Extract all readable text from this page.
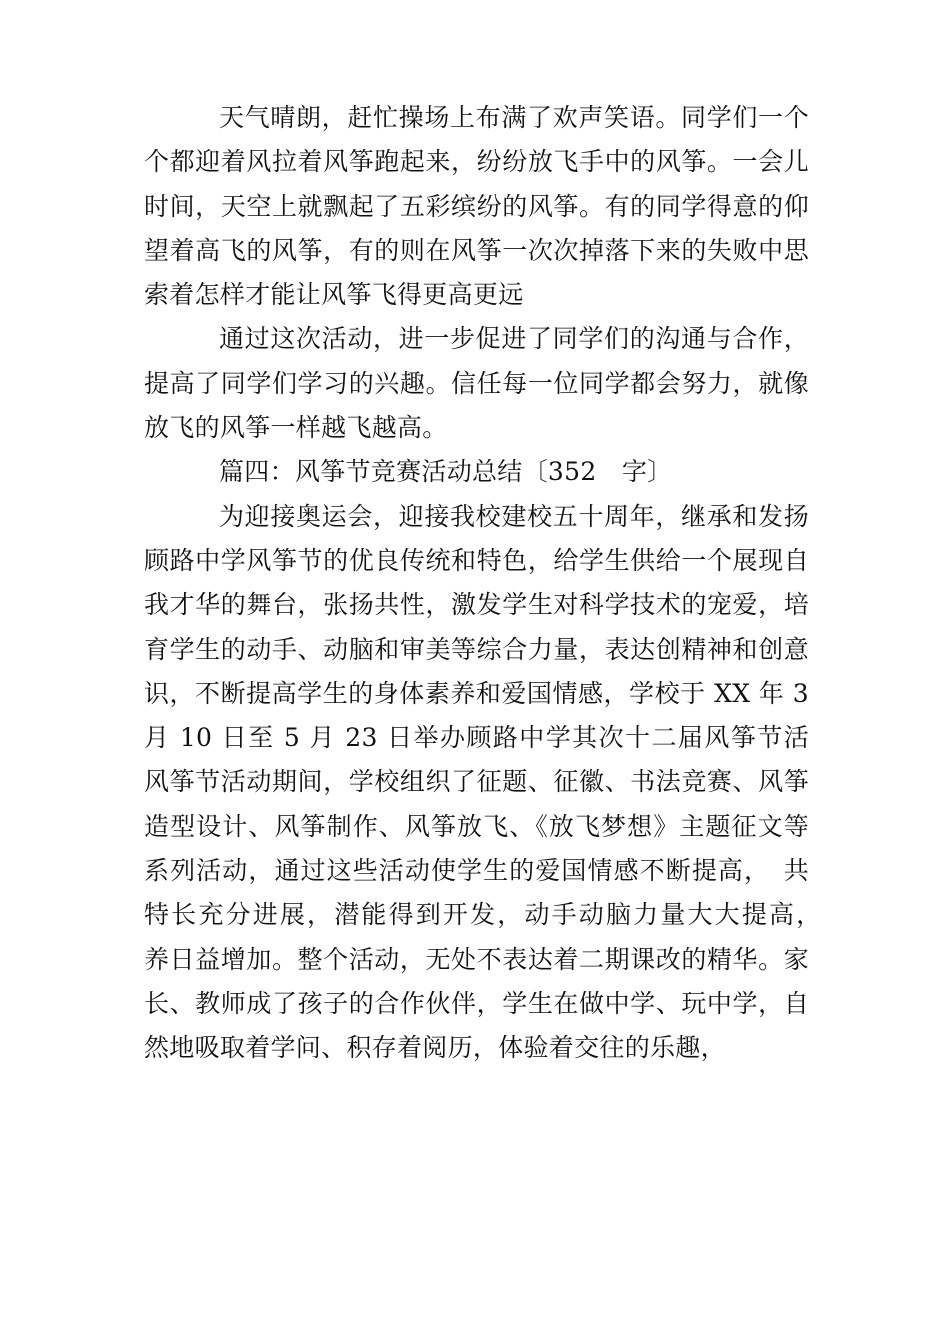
天气晴朗，赶忙操场上布满了欢声笑语。同学们一个
个都迎着风拉着风筝跑起来，纷纷放飞手中的风筝。一会儿
时间，天空上就飘起了五彩缤纷的风筝。有的同学得意的仰
望着高飞的风筝，有的则在风筝一次次掉落下来的失败中思
索着怎样才能让风筝飞得更高更远
通过这次活动，进一步促进了同学们的沟通与合作，
提高了同学们学习的兴趣。信任每一位同学都会努力，就像
放飞的风筝一样越飞越高。
篇四：风筝节竞赛活动总结〔352　字〕
为迎接奥运会，迎接我校建校五十周年，继承和发扬
顾路中学风筝节的优良传统和特色，给学生供给一个展现自
我才华的舞台，张扬共性，激发学生对科学技术的宠爱，培
育学生的动手、动脑和审美等综合力量，表达创精神和创意
识，不断提高学生的身体素养和爱国情感，学校于 XX 年 3
月 10 日至 5 月 23 日举办顾路中学其次十二届风筝节活
风筝节活动期间，学校组织了征题、征徽、书法竞赛、风筝
造型设计、风筝制作、风筝放飞、《放飞梦想》主题征文等
系列活动，通过这些活动使学生的爱国情感不断提高，　共
特长充分进展，潜能得到开发，动手动脑力量大大提高，　
养日益增加。整个活动，无处不表达着二期课改的精华。家
长、教师成了孩子的合作伙伴，学生在做中学、玩中学，自
然地吸取着学问、积存着阅历，体验着交往的乐趣，
